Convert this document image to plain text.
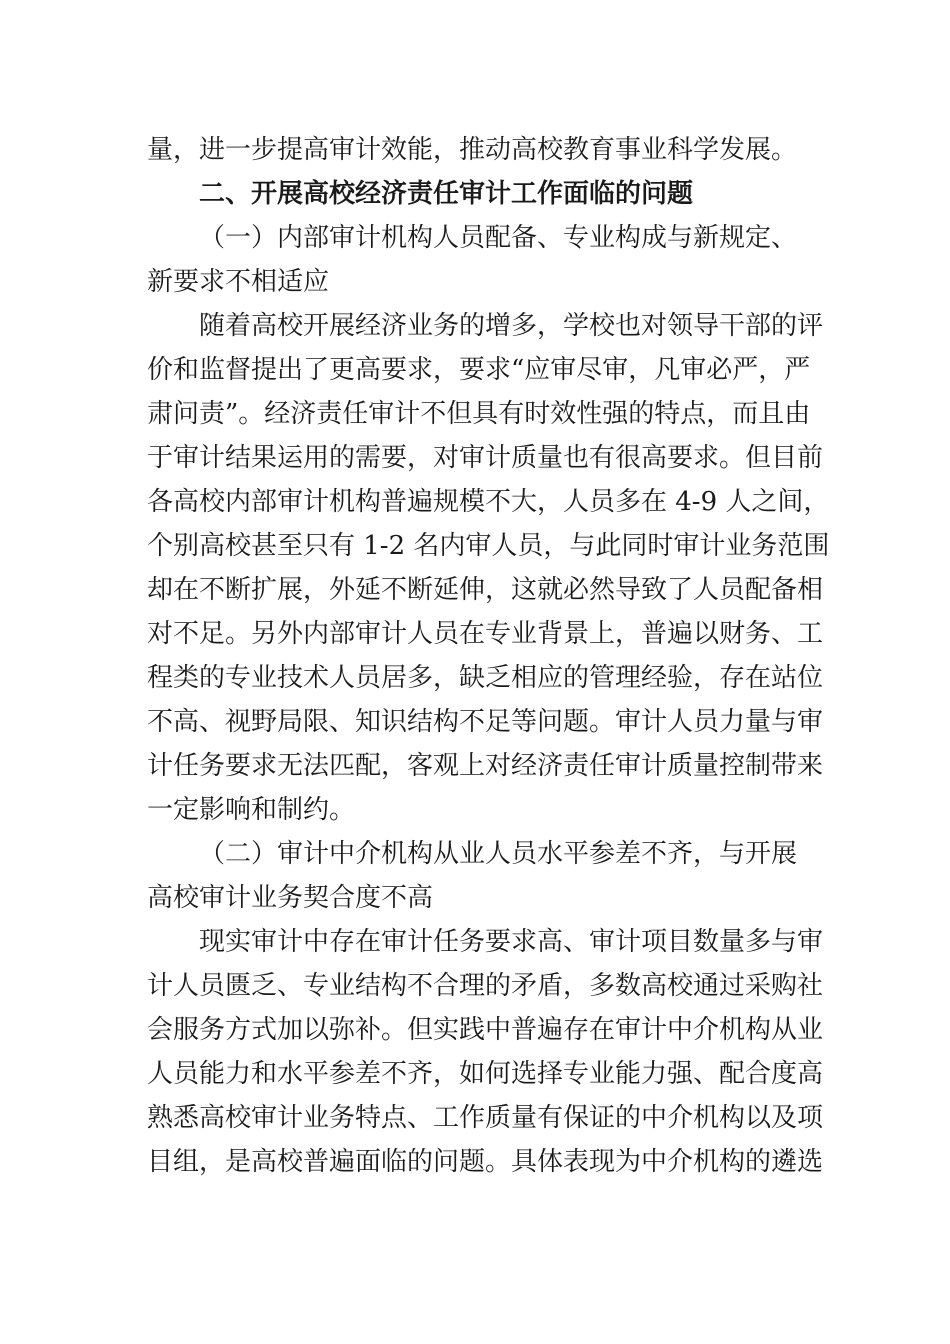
量，进一步提高审计效能，推动高校教育事业科学发展。
二、开展高校经济责任审计工作面临的问题
（一）内部审计机构人员配备、专业构成与新规定、
新要求不相适应
随着高校开展经济业务的增多，学校也对领导干部的评
价和监督提出了更高要求，要求“应审尽审，凡审必严，严
肃问责”。经济责任审计不但具有时效性强的特点，而且由
于审计结果运用的需要，对审计质量也有很高要求。但目前
各高校内部审计机构普遍规模不大，人员多在 4-9 人之间，
个别高校甚至只有 1-2 名内审人员，与此同时审计业务范围
却在不断扩展，外延不断延伸，这就必然导致了人员配备相
对不足。另外内部审计人员在专业背景上，普遍以财务、工
程类的专业技术人员居多，缺乏相应的管理经验，存在站位
不高、视野局限、知识结构不足等问题。审计人员力量与审
计任务要求无法匹配，客观上对经济责任审计质量控制带来
一定影响和制约。
（二）审计中介机构从业人员水平参差不齐，与开展
高校审计业务契合度不高
现实审计中存在审计任务要求高、审计项目数量多与审
计人员匮乏、专业结构不合理的矛盾，多数高校通过采购社
会服务方式加以弥补。但实践中普遍存在审计中介机构从业
人员能力和水平参差不齐，如何选择专业能力强、配合度高
熟悉高校审计业务特点、工作质量有保证的中介机构以及项
目组，是高校普遍面临的问题。具体表现为中介机构的遴选
